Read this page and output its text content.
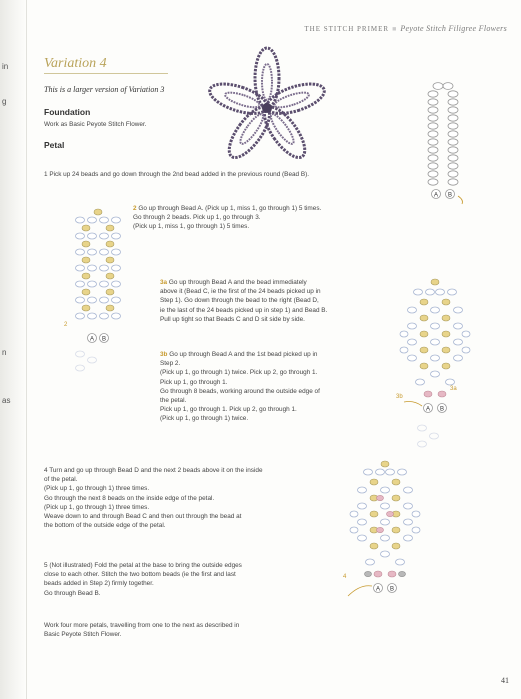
in
g
n
as
THE STITCH PRIMER ■ Peyote Stitch Filigree Flowers
Variation 4
This is a larger version of Variation 3
Foundation
Work as Basic Peyote Stitch Flower.
Petal
1 Pick up 24 beads and go down through the 2nd bead added in the previous round (Bead B).
2 Go up through Bead A. (Pick up 1, miss 1, go through 1) 5 times.
Go through 2 beads. Pick up 1, go through 3.
(Pick up 1, miss 1, go through 1) 5 times.
3a Go up through Bead A and the bead immediately
above it (Bead C, ie the first of the 24 beads picked up in
Step 1). Go down through the bead to the right (Bead D,
ie the last of the 24 beads picked up in step 1) and Bead B.
Pull up tight so that Beads C and D sit side by side.
3b Go up through Bead A and the 1st bead picked up in
Step 2.
(Pick up 1, go through 1) twice. Pick up 2, go through 1.
Pick up 1, go through 1.
Go through 8 beads, working around the outside edge of
the petal.
Pick up 1, go through 1. Pick up 2, go through 1.
(Pick up 1, go through 1) twice.
4 Turn and go up through Bead D and the next 2 beads above it on the inside
of the petal.
(Pick up 1, go through 1) three times.
Go through the next 8 beads on the inside edge of the petal.
(Pick up 1, go through 1) three times.
Weave down to and through Bead C and then out through the bead at
the bottom of the outside edge of the petal.
5 (Not illustrated) Fold the petal at the base to bring the outside edges
close to each other. Stitch the two bottom beads (ie the first and last
beads added in Step 2) firmly together.
Go through Bead B.
Work four more petals, travelling from one to the next as described in
Basic Peyote Stitch Flower.
41
A B
A B
2
A B
3b
3a
A B
4
